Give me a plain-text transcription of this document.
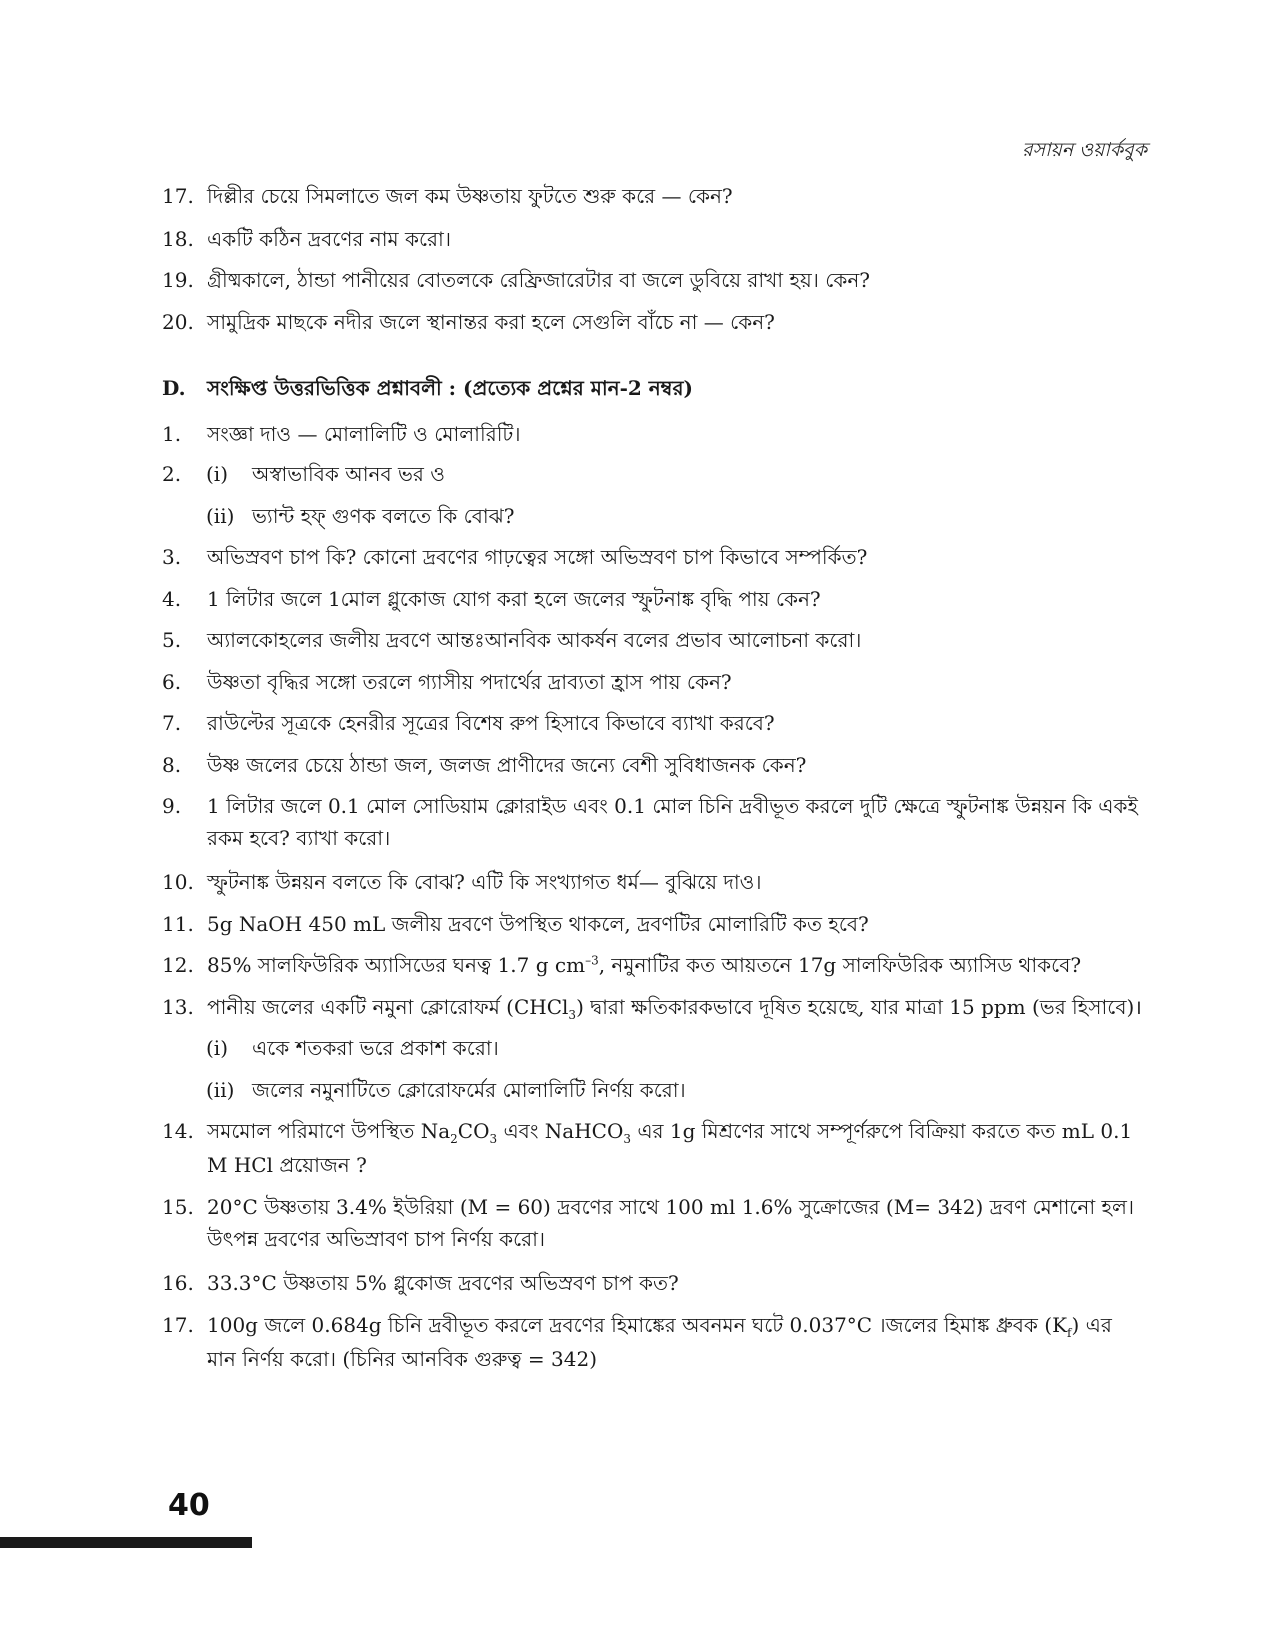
রসায়ন ওয়ার্কবুক
17. দিল্লীর চেয়ে সিমলাতে জল কম উষ্ণতায় ফুটতে শুরু করে — কেন?
18. একটি কঠিন দ্রবণের নাম করো।
19. গ্রীষ্মকালে, ঠান্ডা পানীয়ের বোতলকে রেফ্রিজারেটার বা জলে ডুবিয়ে রাখা হয়। কেন?
20. সামুদ্রিক মাছকে নদীর জলে স্থানান্তর করা হলে সেগুলি বাঁচে না — কেন?
D. সংক্ষিপ্ত উত্তরভিত্তিক প্রশ্নাবলী : (প্রত্যেক প্রশ্নের মান-2 নম্বর)
1.	সংজ্ঞা দাও — মোলালিটি ও মোলারিটি।
2.	(i)	অস্বাভাবিক আনব ভর ও
(ii) ভ্যান্ট হফ্ গুণক বলতে কি বোঝ?
3.	অভিস্রবণ চাপ কি? কোনো দ্রবণের গাঢ়ত্বের সঙ্গো অভিস্রবণ চাপ কিভাবে সম্পর্কিত?
4.	1 লিটার জলে 1মোল গ্লুকোজ যোগ করা হলে জলের স্ফুটনাঙ্ক বৃদ্ধি পায় কেন?
5.	অ্যালকোহলের জলীয় দ্রবণে আন্তঃআনবিক আকর্ষন বলের প্রভাব আলোচনা করো।
6.	উষ্ণতা বৃদ্ধির সঙ্গো তরলে গ্যাসীয় পদার্থের দ্রাব্যতা হ্রাস পায় কেন?
7.	রাউল্টের সূত্রকে হেনরীর সূত্রের বিশেষ রুপ হিসাবে কিভাবে ব্যাখা করবে?
8.	উষ্ণ জলের চেয়ে ঠান্ডা জল, জলজ প্রাণীদের জন্যে বেশী সুবিধাজনক কেন?
9.	1 লিটার জলে 0.1 মোল সোডিয়াম ক্লোরাইড এবং 0.1 মোল চিনি দ্রবীভূত করলে দুটি ক্ষেত্রে স্ফুটনাঙ্ক উন্নয়ন কি একই রকম হবে? ব্যাখা করো।
10. স্ফুটনাঙ্ক উন্নয়ন বলতে কি বোঝ? এটি কি সংখ্যাগত ধর্ম— বুঝিয়ে দাও।
11. 5g NaOH 450 mL জলীয় দ্রবণে উপস্থিত থাকলে, দ্রবণটির মোলারিটি কত হবে?
12. 85% সালফিউরিক অ্যাসিডের ঘনত্ব 1.7 g $cm^{-3}$, নমুনাটির কত আয়তনে 17g সালফিউরিক অ্যাসিড থাকবে?
13. পানীয় জলের একটি নমুনা ক্লোরোফর্ম (CHCl$_3$) দ্বারা ক্ষতিকারকভাবে দূষিত হয়েছে, যার মাত্রা 15 ppm (ভর হিসাবে)।
(i)	একে শতকরা ভরে প্রকাশ করো।
(ii) জলের নমুনাটিতে ক্লোরোফর্মের মোলালিটি নির্ণয় করো।
14. সমমোল পরিমাণে উপস্থিত $Na_2CO_3$ এবং NaHCO$_3$ এর 1g মিশ্রণের সাথে সম্পূর্ণরুপে বিক্রিয়া করতে কত mL 0.1 M HCl প্রয়োজন ?
15. 20°C উষ্ণতায় 3.4% ইউরিয়া (M = 60) দ্রবণের সাথে 100 ml 1.6% সুক্রোজের (M= 342) দ্রবণ মেশানো হল। উৎপন্ন দ্রবণের অভিস্রাবণ চাপ নির্ণয় করো।
16. 33.3°C উষ্ণতায় 5% গ্লুকোজ দ্রবণের অভিস্রবণ চাপ কত?
17. 100g জলে 0.684g চিনি দ্রবীভূত করলে দ্রবণের হিমাঙ্কের অবনমন ঘটে 0.037°C ।জলের হিমাঙ্ক ধ্রুবক $(K_f)$ এর মান নির্ণয় করো। (চিনির আনবিক গুরুত্ব = 342)
40
